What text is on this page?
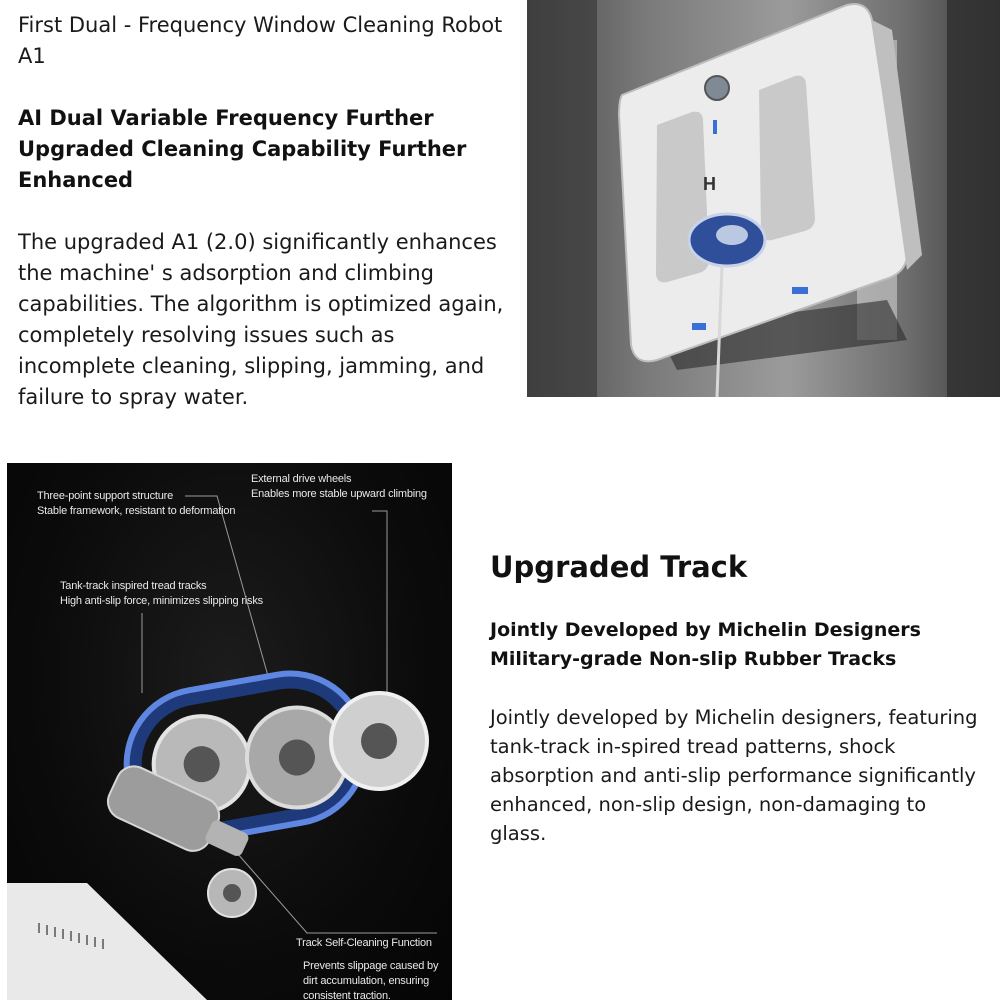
First Dual - Frequency Window Cleaning Robot A1

AI Dual Variable Frequency Further Upgraded Cleaning Capability Further Enhanced

The upgraded A1 (2.0) significantly enhances the machine' s adsorption and climbing capabilities. The algorithm is optimized again, completely resolving issues such as incomplete cleaning, slipping, jamming, and failure to spray water.

H
Three-point support structure
Stable framework, resistant to deformation
External drive wheels
Enables more stable upward climbing
Tank-track inspired tread tracks
High anti-slip force, minimizes slipping risks
Track Self-Cleaning Function
Prevents slippage caused by dirt accumulation, ensuring consistent traction.
Upgraded Track
Jointly Developed by Michelin Designers Military-grade Non-slip Rubber Tracks

Jointly developed by Michelin designers, featuring tank-track in-spired tread patterns, shock absorption and anti-slip performance significantly enhanced, non-slip design, non-damaging to glass.
